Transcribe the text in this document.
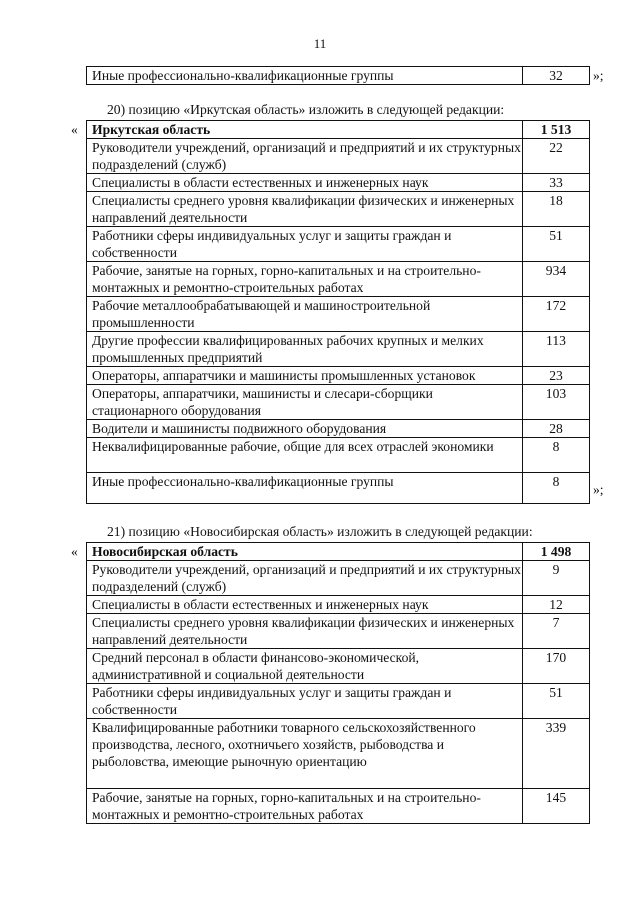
11
Иные профессионально-квалификационные группы	32 »;
20) позицию «Иркутская область» изложить в следующей редакции:
« Иркутская область	1 513
Руководители учреждений, организаций и предприятий и их структурных подразделений (служб)	22
Специалисты в области естественных и инженерных наук	33
Специалисты среднего уровня квалификации физических и инженерных направлений деятельности	18
Работники сферы индивидуальных услуг и защиты граждан и собственности	51
Рабочие, занятые на горных, горно-капитальных и на строительно-монтажных и ремонтно-строительных работах	934
Рабочие металлообрабатывающей и машиностроительной промышленности	172
Другие профессии квалифицированных рабочих крупных и мелких промышленных предприятий	113
Операторы, аппаратчики и машинисты промышленных установок	23
Операторы, аппаратчики, машинисты и слесари-сборщики стационарного оборудования	103
Водители и машинисты подвижного оборудования	28
Неквалифицированные рабочие, общие для всех отраслей экономики	8
Иные профессионально-квалификационные группы	8
»;
21) позицию «Новосибирская область» изложить в следующей редакции:
« Новосибирская область	1 498
Руководители учреждений, организаций и предприятий и их структурных подразделений (служб)	9
Специалисты в области естественных и инженерных наук	12
Специалисты среднего уровня квалификации физических и инженерных направлений деятельности	7
Средний персонал в области финансово-экономической, административной и социальной деятельности	170
Работники сферы индивидуальных услуг и защиты граждан и собственности	51
Квалифицированные работники товарного сельскохозяйственного производства, лесного, охотничьего хозяйств, рыбоводства и рыболовства, имеющие рыночную ориентацию	339
Рабочие, занятые на горных, горно-капитальных и на строительно-монтажных и ремонтно-строительных работах	145
